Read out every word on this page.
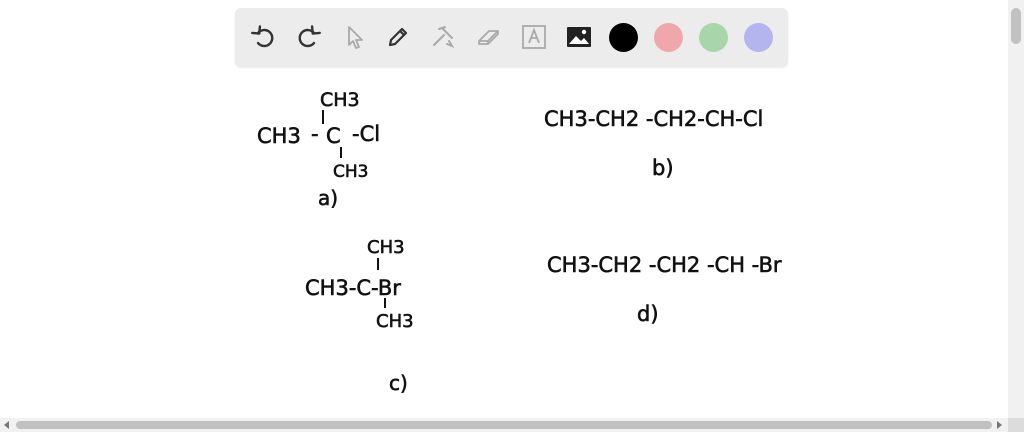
CH3
CH3 - C -Cl
CH3
a)
CH3-CH2 -CH2-CH-Cl
b)
CH3
CH3-C-Br
CH3
c)
CH3-CH2 -CH2 -CH -Br
d)
